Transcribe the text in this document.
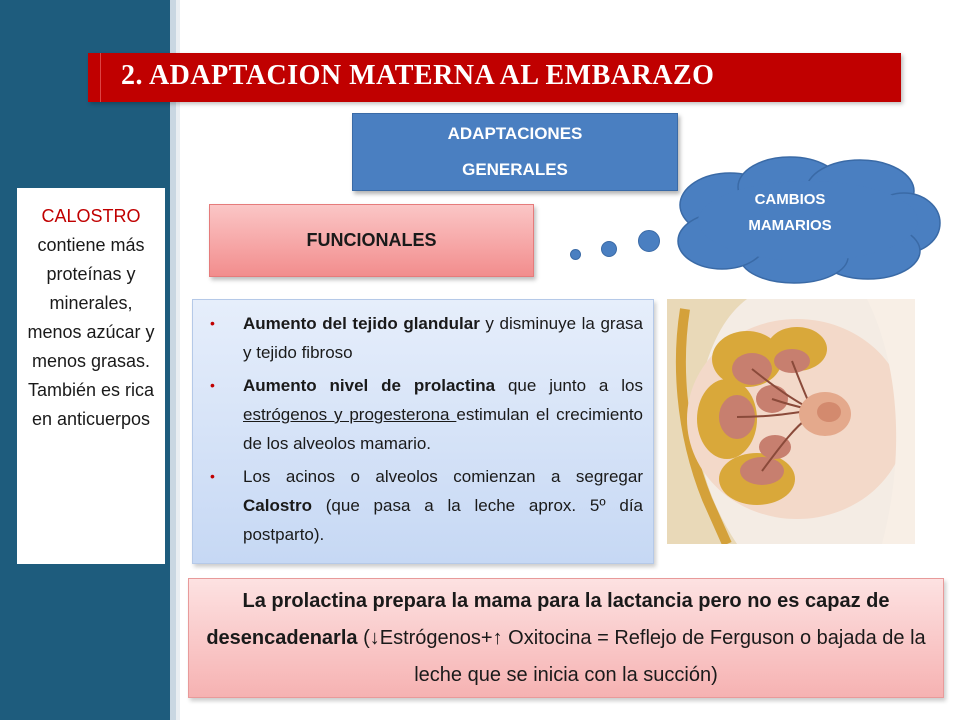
2. ADAPTACION MATERNA AL EMBARAZO
ADAPTACIONES
GENERALES
FUNCIONALES
CAMBIOS
MAMARIOS
CALOSTRO contiene más proteínas y minerales, menos azúcar y menos grasas. También es rica en anticuerpos
• Aumento del tejido glandular y disminuye la grasa y tejido fibroso
• Aumento nivel de prolactina que junto a los estrógenos y progesterona estimulan el crecimiento de los alveolos mamario.
• Los acinos o alveolos comienzan a segregar Calostro (que pasa a la leche aprox. 5º día postparto).
La prolactina prepara la mama para la lactancia pero no es capaz de desencadenarla (↓Estrógenos+↑ Oxitocina = Reflejo de Ferguson o bajada de la leche que se inicia con la succión)
